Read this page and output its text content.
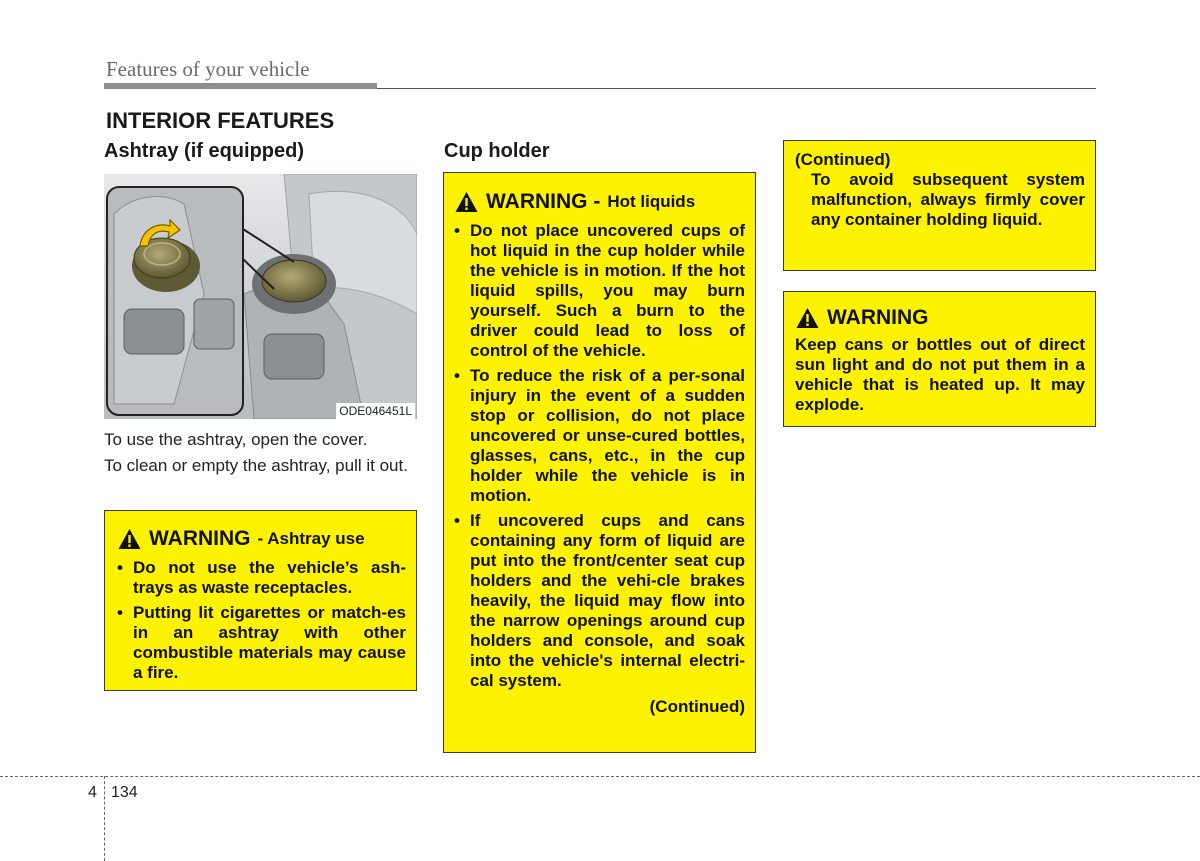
Features of your vehicle
INTERIOR FEATURES
Ashtray (if equipped)
ODE046451L
To use the ashtray, open the cover.
To clean or empty the ashtray, pull it out.
WARNING - Ashtray use
• Do not use the vehicle’s ash-trays as waste receptacles.
• Putting lit cigarettes or match-es in an ashtray with other combustible materials may cause a fire.
Cup holder
WARNING - Hot liquids
• Do not place uncovered cups of hot liquid in the cup holder while the vehicle is in motion. If the hot liquid spills, you may burn yourself. Such a burn to the driver could lead to loss of control of the vehicle.
• To reduce the risk of a per-sonal injury in the event of a sudden stop or collision, do not place uncovered or unse-cured bottles, glasses, cans, etc., in the cup holder while the vehicle is in motion.
• If uncovered cups and cans containing any form of liquid are put into the front/center seat cup holders and the vehi-cle brakes heavily, the liquid may flow into the narrow openings around cup holders and console, and soak into the vehicle's internal electri-cal system.
(Continued)
(Continued)
To avoid subsequent system malfunction, always firmly cover any container holding liquid.
WARNING
Keep cans or bottles out of direct sun light and do not put them in a vehicle that is heated up. It may explode.
4 134
